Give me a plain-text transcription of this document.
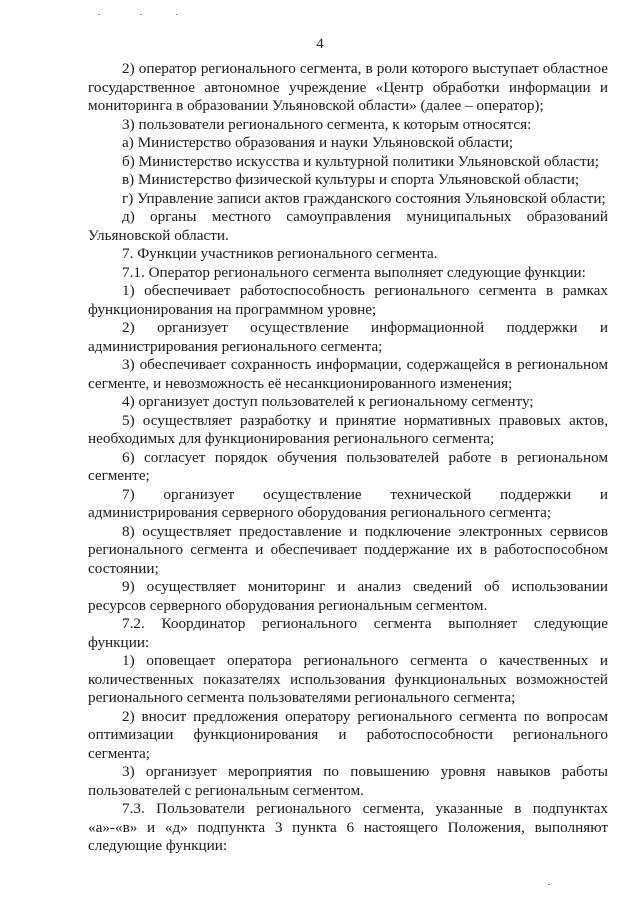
4

2) оператор регионального сегмента, в роли которого выступает областное государственное автономное учреждение «Центр обработки информации и мониторинга в образовании Ульяновской области» (далее – оператор);

3) пользователи регионального сегмента, к которым относятся:

а) Министерство образования и науки Ульяновской области;

б) Министерство искусства и культурной политики Ульяновской области;

в) Министерство физической культуры и спорта Ульяновской области;

г) Управление записи актов гражданского состояния Ульяновской области;

д) органы местного самоуправления муниципальных образований Ульяновской области.

7. Функции участников регионального сегмента.

7.1. Оператор регионального сегмента выполняет следующие функции:

1) обеспечивает работоспособность регионального сегмента в рамках функционирования на программном уровне;

2) организует осуществление информационной поддержки и администрирования регионального сегмента;

3) обеспечивает сохранность информации, содержащейся в региональном сегменте, и невозможность её несанкционированного изменения;

4) организует доступ пользователей к региональному сегменту;

5) осуществляет разработку и принятие нормативных правовых актов, необходимых для функционирования регионального сегмента;

6) согласует порядок обучения пользователей работе в региональном сегменте;

7) организует осуществление технической поддержки и администрирования серверного оборудования регионального сегмента;

8) осуществляет предоставление и подключение электронных сервисов регионального сегмента и обеспечивает поддержание их в работоспособном состоянии;

9) осуществляет мониторинг и анализ сведений об использовании ресурсов серверного оборудования региональным сегментом.

7.2. Координатор регионального сегмента выполняет следующие функции:

1) оповещает оператора регионального сегмента о качественных и количественных показателях использования функциональных возможностей регионального сегмента пользователями регионального сегмента;

2) вносит предложения оператору регионального сегмента по вопросам оптимизации функционирования и работоспособности регионального сегмента;

3) организует мероприятия по повышению уровня навыков работы пользователей с региональным сегментом.

7.3. Пользователи регионального сегмента, указанные в подпунктах «а»-«в» и «д» подпункта 3 пункта 6 настоящего Положения, выполняют следующие функции:
